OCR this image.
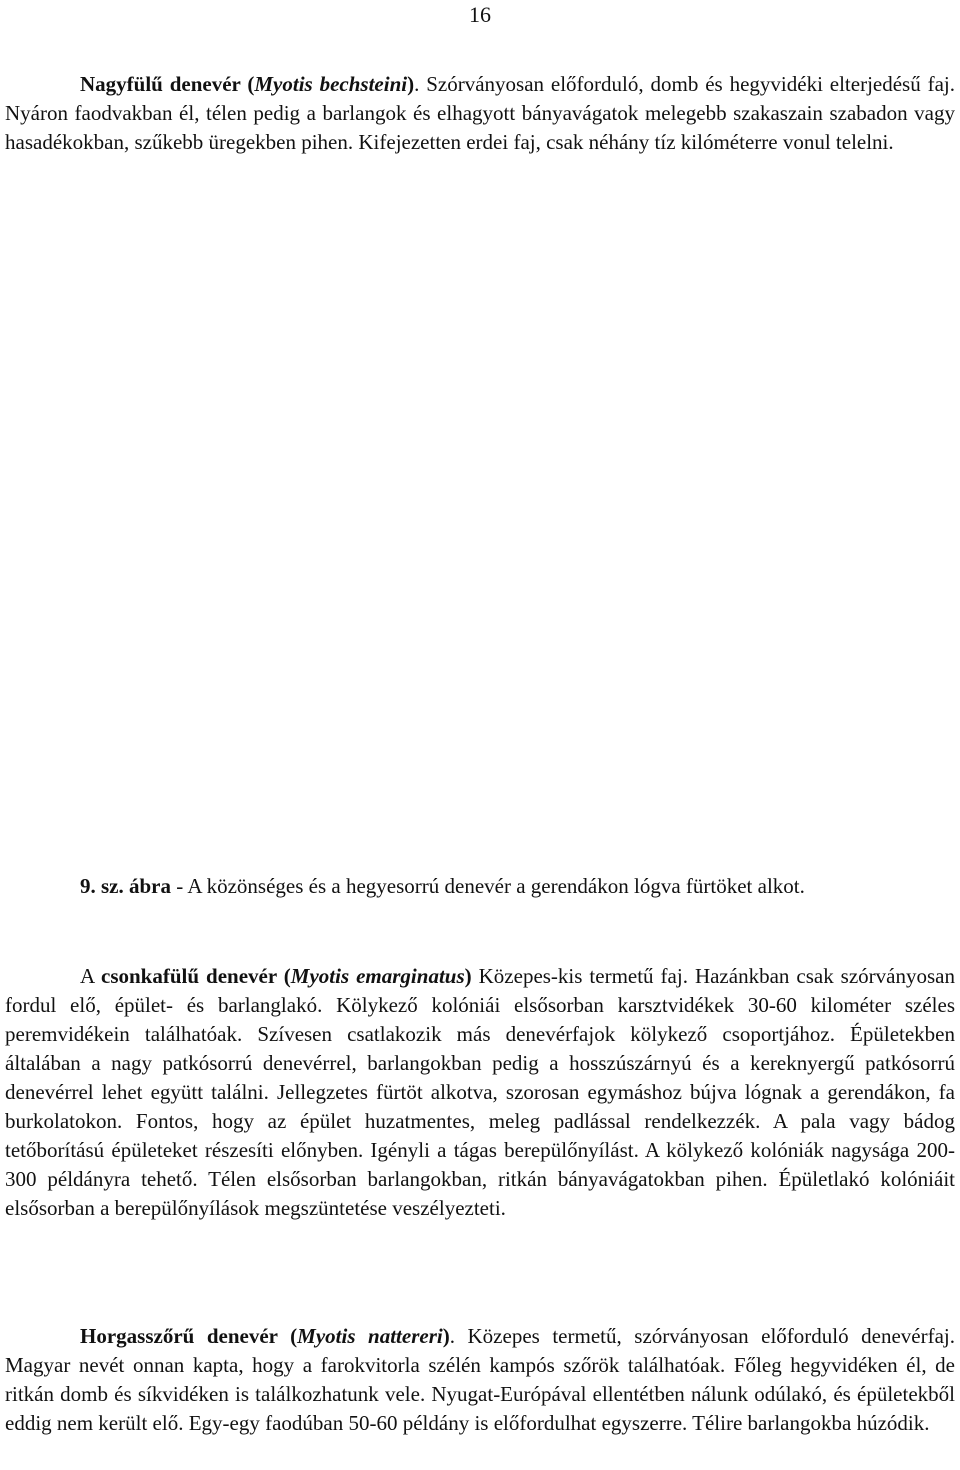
16

Nagyfülű denevér (Myotis bechsteini). Szórványosan előforduló, domb és hegyvidéki elterjedésű faj. Nyáron faodvakban él, télen pedig a barlangok és elhagyott bányavágatok melegebb szakaszain szabadon vagy hasadékokban, szűkebb üregekben pihen. Kifejezetten erdei faj, csak néhány tíz kilóméterre vonul telelni.

9. sz. ábra - A közönséges és a hegyesorrú denevér a gerendákon lógva fürtöket alkot.

A csonkafülű denevér (Myotis emarginatus) Közepes-kis termetű faj. Hazánkban csak szórványosan fordul elő, épület- és barlanglakó. Kölykező kolóniái elsősorban karsztvidékek 30-60 kilométer széles peremvidékein találhatóak. Szívesen csatlakozik más denevérfajok kölykező csoportjához. Épületekben általában a nagy patkósorrú denevérrel, barlangokban pedig a hosszúszárnyú és a kereknyergű patkósorrú denevérrel lehet együtt találni. Jellegzetes fürtöt alkotva, szorosan egymáshoz bújva lógnak a gerendákon, fa burkolatokon. Fontos, hogy az épület huzatmentes, meleg padlással rendelkezzék. A pala vagy bádog tetőborítású épületeket részesíti előnyben. Igényli a tágas berepülőnyílást. A kölykező kolóniák nagysága 200-300 példányra tehető. Télen elsősorban barlangokban, ritkán bányavágatokban pihen. Épületlakó kolóniáit elsősorban a berepülőnyílások megszüntetése veszélyezteti.

Horgasszőrű denevér (Myotis nattereri). Közepes termetű, szórványosan előforduló denevérfaj. Magyar nevét onnan kapta, hogy a farokvitorla szélén kampós szőrök találhatóak. Főleg hegyvidéken él, de ritkán domb és síkvidéken is találkozhatunk vele. Nyugat-Európával ellentétben nálunk odúlakó, és épületekből eddig nem került elő. Egy-egy faodúban 50-60 példány is előfordulhat egyszerre. Télire barlangokba húzódik.
